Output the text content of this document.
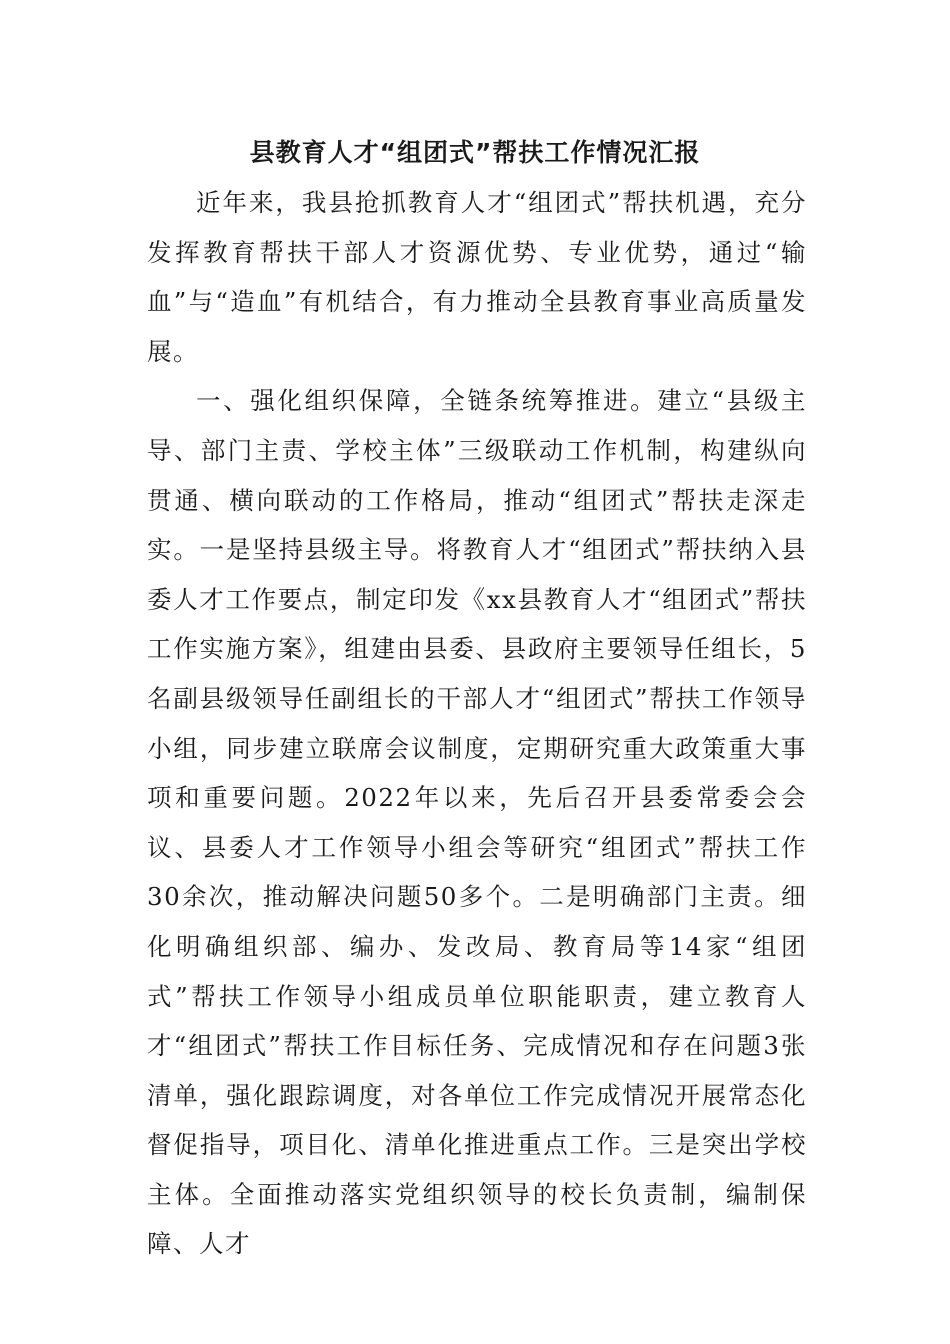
县教育人才“组团式”帮扶工作情况汇报

近年来，我县抢抓教育人才“组团式”帮扶机遇，充分发挥教育帮扶干部人才资源优势、专业优势，通过“输血”与“造血”有机结合，有力推动全县教育事业高质量发展。

一、强化组织保障，全链条统筹推进。建立“县级主导、部门主责、学校主体”三级联动工作机制，构建纵向贯通、横向联动的工作格局，推动“组团式”帮扶走深走实。一是坚持县级主导。将教育人才“组团式”帮扶纳入县委人才工作要点，制定印发《xx县教育人才“组团式”帮扶工作实施方案》，组建由县委、县政府主要领导任组长，5名副县级领导任副组长的干部人才“组团式”帮扶工作领导小组，同步建立联席会议制度，定期研究重大政策重大事项和重要问题。2022年以来，先后召开县委常委会会议、县委人才工作领导小组会等研究“组团式”帮扶工作30余次，推动解决问题50多个。二是明确部门主责。细化明确组织部、编办、发改局、教育局等14家“组团式”帮扶工作领导小组成员单位职能职责，建立教育人才“组团式”帮扶工作目标任务、完成情况和存在问题3张清单，强化跟踪调度，对各单位工作完成情况开展常态化督促指导，项目化、清单化推进重点工作。三是突出学校主体。全面推动落实党组织领导的校长负责制，编制保障、人才
